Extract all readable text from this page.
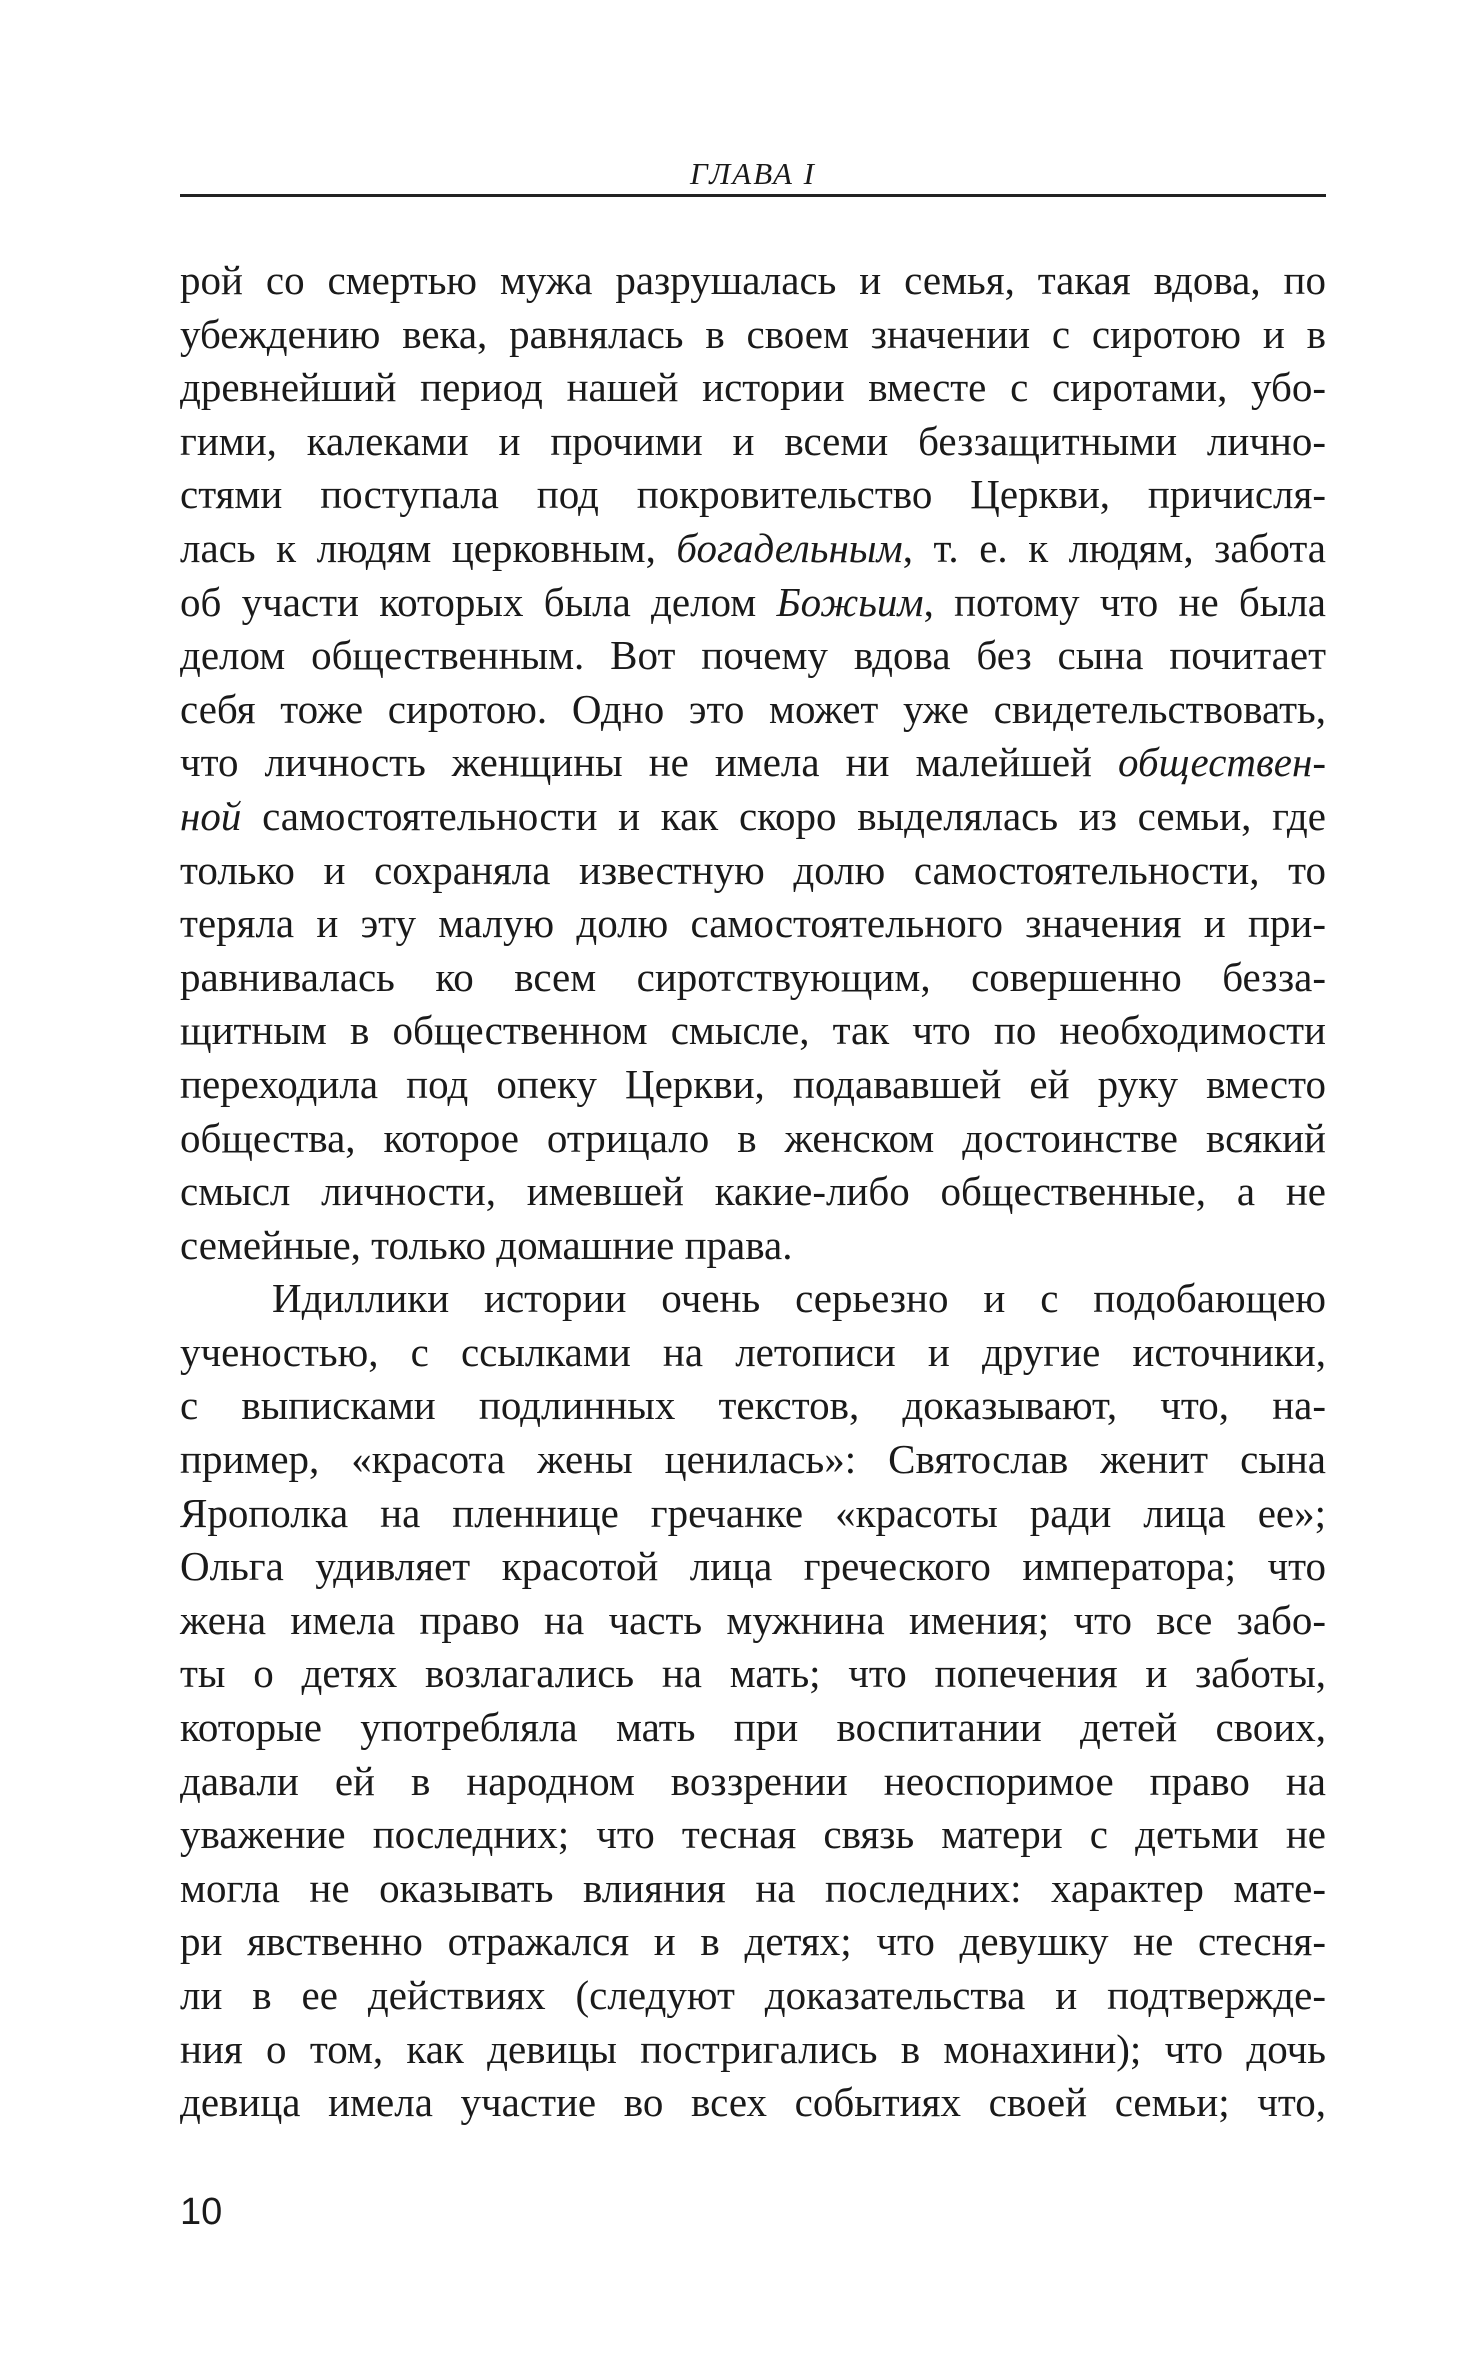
ГЛАВА I
рой со смертью мужа разрушалась и семья, такая вдова, по
убеждению века, равнялась в своем значении с сиротою и в
древнейший период нашей истории вместе с сиротами, убо-
гими, калеками и прочими и всеми беззащитными лично-
стями поступала под покровительство Церкви, причисля-
лась к людям церковным, богадельным, т. е. к людям, забота
об участи которых была делом Божьим, потому что не была
делом общественным. Вот почему вдова без сына почитает
себя тоже сиротою. Одно это может уже свидетельствовать,
что личность женщины не имела ни малейшей обществен-
ной самостоятельности и как скоро выделялась из семьи, где
только и сохраняла известную долю самостоятельности, то
теряла и эту малую долю самостоятельного значения и при-
равнивалась ко всем сиротствующим, совершенно безза-
щитным в общественном смысле, так что по необходимости
переходила под опеку Церкви, подававшей ей руку вместо
общества, которое отрицало в женском достоинстве всякий
смысл личности, имевшей какие-либо общественные, а не
семейные, только домашние права.
Идиллики истории очень серьезно и с подобающею
ученостью, с ссылками на летописи и другие источники,
с выписками подлинных текстов, доказывают, что, на-
пример, «красота жены ценилась»: Святослав женит сына
Ярополка на пленнице гречанке «красоты ради лица ее»;
Ольга удивляет красотой лица греческого императора; что
жена имела право на часть мужнина имения; что все забо-
ты о детях возлагались на мать; что попечения и заботы,
которые употребляла мать при воспитании детей своих,
давали ей в народном воззрении неоспоримое право на
уважение последних; что тесная связь матери с детьми не
могла не оказывать влияния на последних: характер мате-
ри явственно отражался и в детях; что девушку не стесня-
ли в ее действиях (следуют доказательства и подтвержде-
ния о том, как девицы постригались в монахини); что дочь
девица имела участие во всех событиях своей семьи; что,
10
